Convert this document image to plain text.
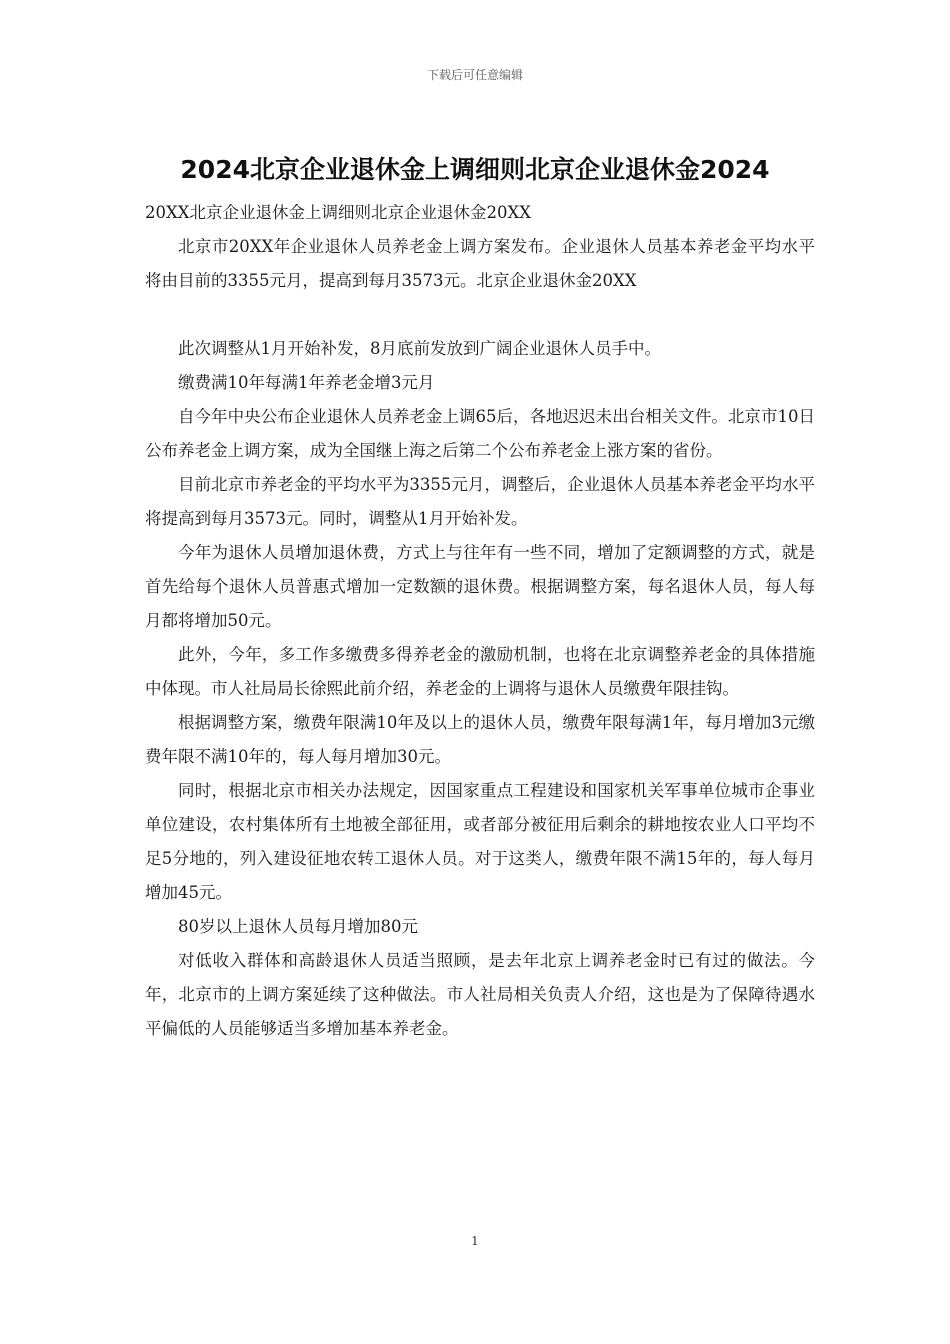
下载后可任意编辑
2024北京企业退休金上调细则北京企业退休金2024

20XX北京企业退休金上调细则北京企业退休金20XX

北京市20XX年企业退休人员养老金上调方案发布。企业退休人员基本养老金平均水平将由目前的3355元月，提高到每月3573元。北京企业退休金20XX

此次调整从1月开始补发，8月底前发放到广阔企业退休人员手中。

缴费满10年每满1年养老金增3元月

自今年中央公布企业退休人员养老金上调65后，各地迟迟未出台相关文件。北京市10日公布养老金上调方案，成为全国继上海之后第二个公布养老金上涨方案的省份。

目前北京市养老金的平均水平为3355元月，调整后，企业退休人员基本养老金平均水平将提高到每月3573元。同时，调整从1月开始补发。

今年为退休人员增加退休费，方式上与往年有一些不同，增加了定额调整的方式，就是首先给每个退休人员普惠式增加一定数额的退休费。根据调整方案，每名退休人员，每人每月都将增加50元。

此外，今年，多工作多缴费多得养老金的激励机制，也将在北京调整养老金的具体措施中体现。市人社局局长徐熙此前介绍，养老金的上调将与退休人员缴费年限挂钩。

根据调整方案，缴费年限满10年及以上的退休人员，缴费年限每满1年，每月增加3元缴费年限不满10年的，每人每月增加30元。

同时，根据北京市相关办法规定，因国家重点工程建设和国家机关军事单位城市企事业单位建设，农村集体所有土地被全部征用，或者部分被征用后剩余的耕地按农业人口平均不足5分地的，列入建设征地农转工退休人员。对于这类人，缴费年限不满15年的，每人每月增加45元。

80岁以上退休人员每月增加80元

对低收入群体和高龄退休人员适当照顾，是去年北京上调养老金时已有过的做法。今年，北京市的上调方案延续了这种做法。市人社局相关负责人介绍，这也是为了保障待遇水平偏低的人员能够适当多增加基本养老金。

1
